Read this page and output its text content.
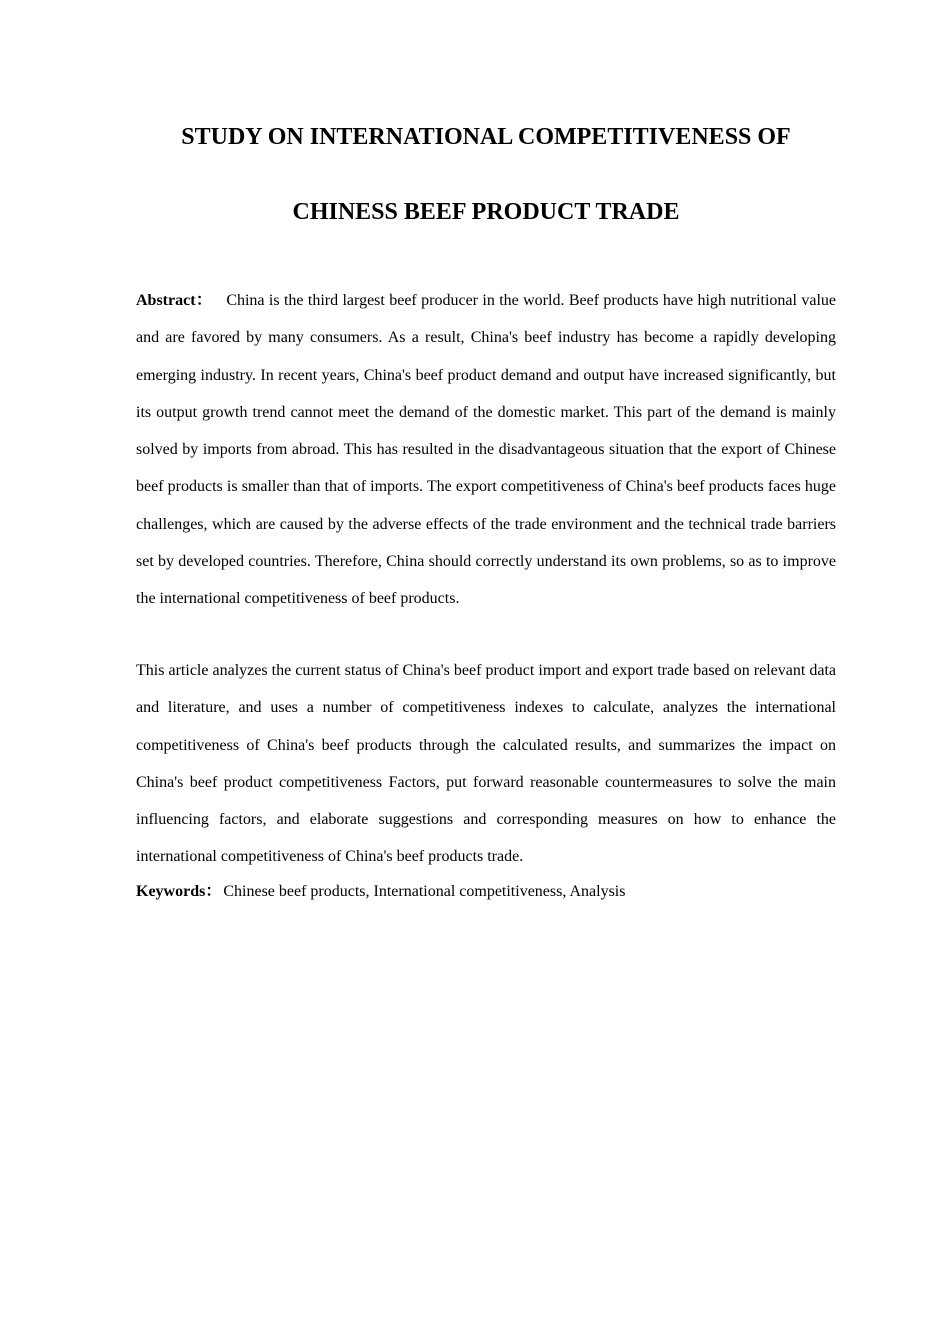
STUDY ON INTERNATIONAL COMPETITIVENESS OF
CHINESS BEEF PRODUCT TRADE
Abstract： China is the third largest beef producer in the world. Beef products have high nutritional value and are favored by many consumers. As a result, China's beef industry has become a rapidly developing emerging industry. In recent years, China's beef product demand and output have increased significantly, but its output growth trend cannot meet the demand of the domestic market. This part of the demand is mainly solved by imports from abroad. This has resulted in the disadvantageous situation that the export of Chinese beef products is smaller than that of imports. The export competitiveness of China's beef products faces huge challenges, which are caused by the adverse effects of the trade environment and the technical trade barriers set by developed countries. Therefore, China should correctly understand its own problems, so as to improve the international competitiveness of beef products.
This article analyzes the current status of China's beef product import and export trade based on relevant data and literature, and uses a number of competitiveness indexes to calculate, analyzes the international competitiveness of China's beef products through the calculated results, and summarizes the impact on China's beef product competitiveness Factors, put forward reasonable countermeasures to solve the main influencing factors, and elaborate suggestions and corresponding measures on how to enhance the international competitiveness of China's beef products trade.
Keywords： Chinese beef products, International competitiveness, Analysis
